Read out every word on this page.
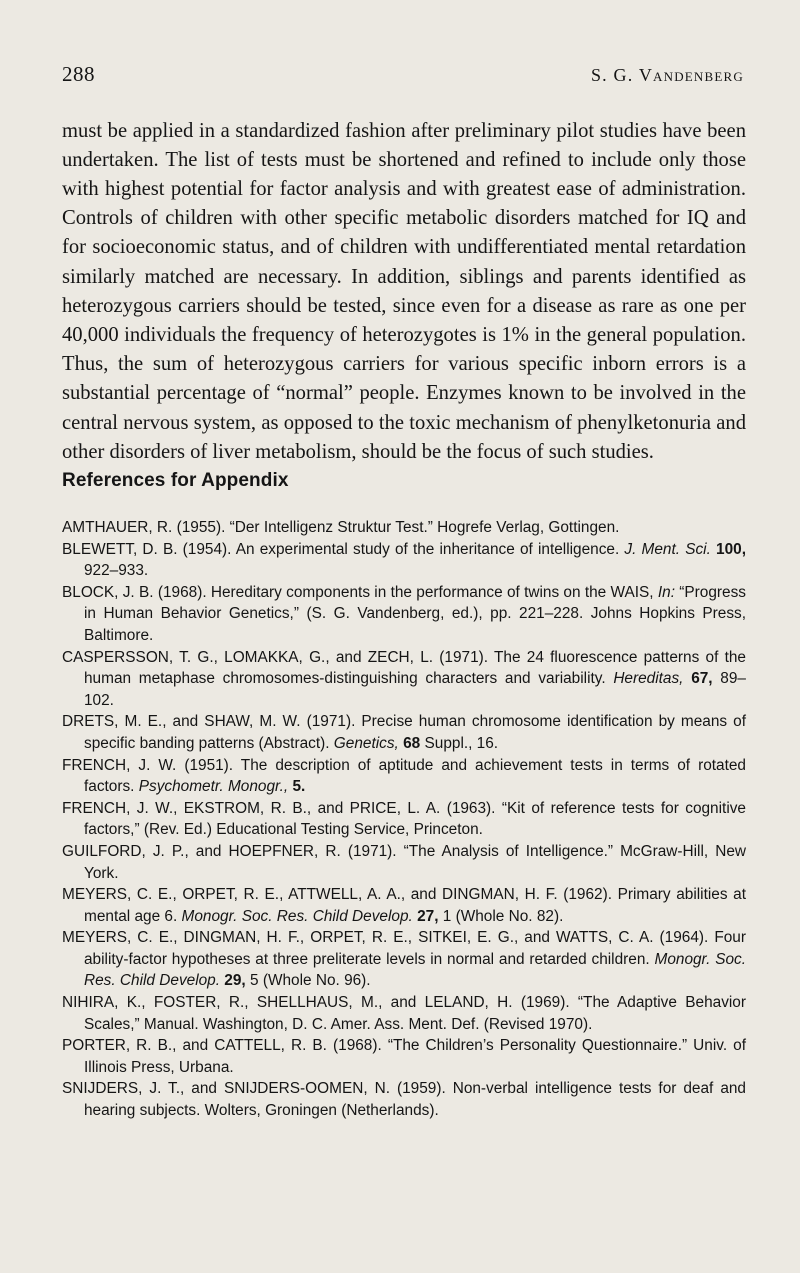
288	S. G. Vandenberg

must be applied in a standardized fashion after preliminary pilot studies have been undertaken. The list of tests must be shortened and refined to include only those with highest potential for factor analysis and with greatest ease of administration. Controls of children with other specific metabolic disorders matched for IQ and for socioeconomic status, and of children with undifferentiated mental retardation similarly matched are necessary. In addition, siblings and parents identified as heterozygous carriers should be tested, since even for a disease as rare as one per 40,000 individuals the frequency of heterozygotes is 1% in the general population. Thus, the sum of heterozygous carriers for various specific inborn errors is a substantial percentage of “normal” people. Enzymes known to be involved in the central nervous system, as opposed to the toxic mechanism of phenylketonuria and other disorders of liver metabolism, should be the focus of such studies.

References for Appendix

AMTHAUER, R. (1955). “Der Intelligenz Struktur Test.” Hogrefe Verlag, Gottingen.

BLEWETT, D. B. (1954). An experimental study of the inheritance of intelligence. J. Ment. Sci. 100, 922–933.

BLOCK, J. B. (1968). Hereditary components in the performance of twins on the WAIS, In: “Progress in Human Behavior Genetics,” (S. G. Vandenberg, ed.), pp. 221–228. Johns Hopkins Press, Baltimore.

CASPERSSON, T. G., LOMAKKA, G., and ZECH, L. (1971). The 24 fluorescence patterns of the human metaphase chromosomes-distinguishing characters and variability. Hereditas, 67, 89–102.

DRETS, M. E., and SHAW, M. W. (1971). Precise human chromosome identification by means of specific banding patterns (Abstract). Genetics, 68 Suppl., 16.

FRENCH, J. W. (1951). The description of aptitude and achievement tests in terms of rotated factors. Psychometr. Monogr., 5.

FRENCH, J. W., EKSTROM, R. B., and PRICE, L. A. (1963). “Kit of reference tests for cognitive factors,” (Rev. Ed.) Educational Testing Service, Princeton.

GUILFORD, J. P., and HOEPFNER, R. (1971). “The Analysis of Intelligence.” McGraw-Hill, New York.

MEYERS, C. E., ORPET, R. E., ATTWELL, A. A., and DINGMAN, H. F. (1962). Primary abilities at mental age 6. Monogr. Soc. Res. Child Develop. 27, 1 (Whole No. 82).

MEYERS, C. E., DINGMAN, H. F., ORPET, R. E., SITKEI, E. G., and WATTS, C. A. (1964). Four ability-factor hypotheses at three preliterate levels in normal and retarded children. Monogr. Soc. Res. Child Develop. 29, 5 (Whole No. 96).

NIHIRA, K., FOSTER, R., SHELLHAUS, M., and LELAND, H. (1969). “The Adaptive Behavior Scales,” Manual. Washington, D. C. Amer. Ass. Ment. Def. (Revised 1970).

PORTER, R. B., and CATTELL, R. B. (1968). “The Children’s Personality Questionnaire.” Univ. of Illinois Press, Urbana.

SNIJDERS, J. T., and SNIJDERS-OOMEN, N. (1959). Non-verbal intelligence tests for deaf and hearing subjects. Wolters, Groningen (Netherlands).
